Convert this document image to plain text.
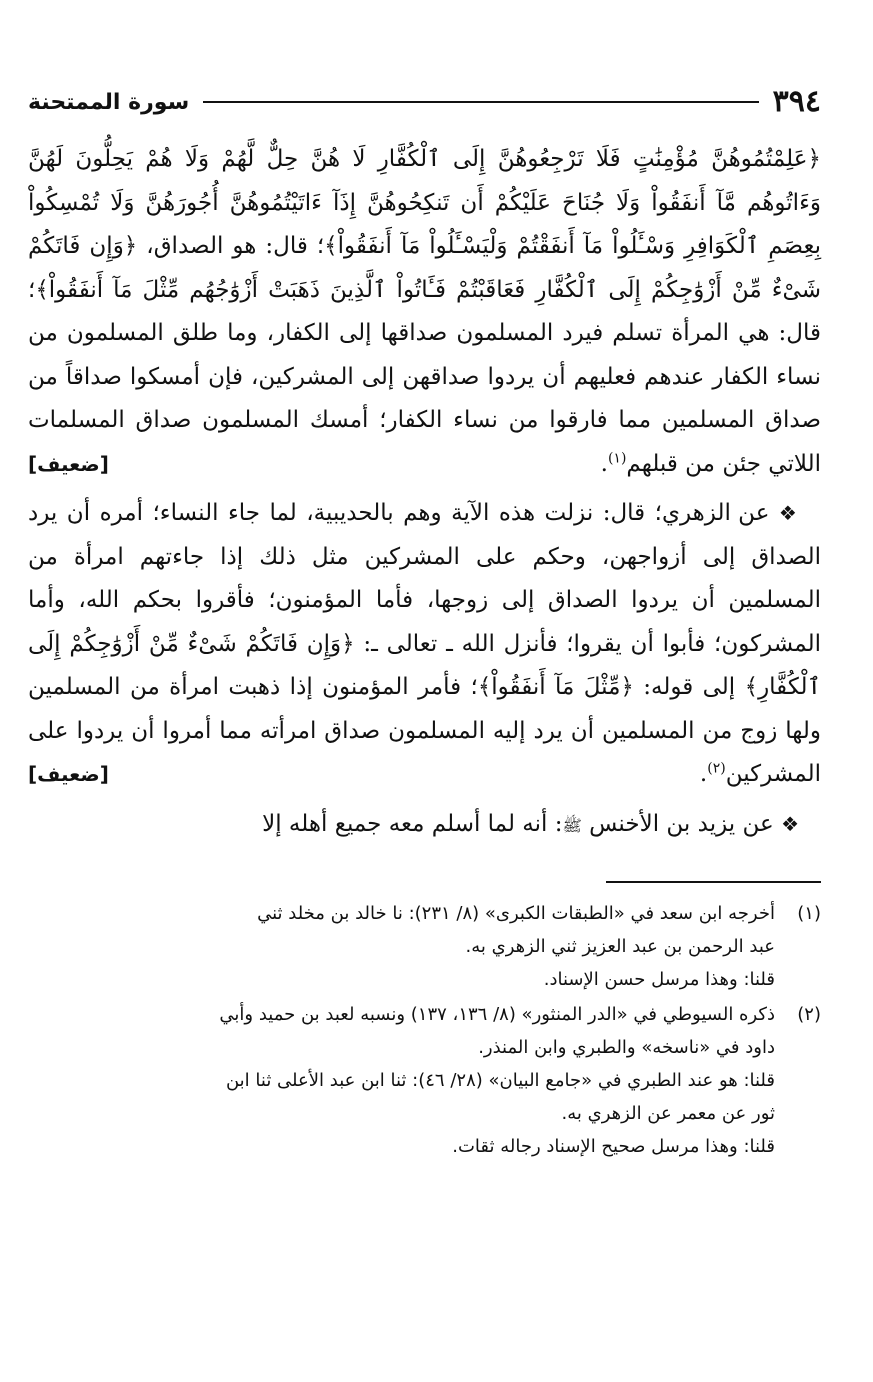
٣٩٤
سورة الممتحنة

﴿عَلِمْتُمُوهُنَّ مُؤْمِنَٰتٍ فَلَا تَرْجِعُوهُنَّ إِلَى ٱلْكُفَّارِ لَا هُنَّ حِلٌّ لَّهُمْ وَلَا هُمْ يَحِلُّونَ لَهُنَّ وَءَاتُوهُم مَّآ أَنفَقُواْ وَلَا جُنَاحَ عَلَيْكُمْ أَن تَنكِحُوهُنَّ إِذَآ ءَاتَيْتُمُوهُنَّ أُجُورَهُنَّ وَلَا تُمْسِكُواْ بِعِصَمِ ٱلْكَوَافِرِ وَسْـَٔلُواْ مَآ أَنفَقْتُمْ وَلْيَسْـَٔلُواْ مَآ أَنفَقُواْ﴾؛ قال: هو الصداق، ﴿وَإِن فَاتَكُمْ شَىْءٌ مِّنْ أَزْوَٰجِكُمْ إِلَى ٱلْكُفَّارِ فَعَاقَبْتُمْ فَـَٔاتُواْ ٱلَّذِينَ ذَهَبَتْ أَزْوَٰجُهُم مِّثْلَ مَآ أَنفَقُواْ﴾؛ قال: هي المرأة تسلم فيرد المسلمون صداقها إلى الكفار، وما طلق المسلمون من نساء الكفار عندهم فعليهم أن يردوا صداقهن إلى المشركين، فإن أمسكوا صداقاً من صداق المسلمين مما فارقوا من نساء الكفار؛ أمسك المسلمون صداق المسلمات اللاتي جئن من قبلهم$^{(١)}$.
[ضعيف]

❖ عن الزهري؛ قال: نزلت هذه الآية وهم بالحديبية، لما جاء النساء؛ أمره أن يرد الصداق إلى أزواجهن، وحكم على المشركين مثل ذلك إذا جاءتهم امرأة من المسلمين أن يردوا الصداق إلى زوجها، فأما المؤمنون؛ فأقروا بحكم الله، وأما المشركون؛ فأبوا أن يقروا؛ فأنزل الله ـ تعالى ـ: ﴿وَإِن فَاتَكُمْ شَىْءٌ مِّنْ أَزْوَٰجِكُمْ إِلَى ٱلْكُفَّارِ﴾ إلى قوله: ﴿مِّثْلَ مَآ أَنفَقُواْ﴾؛ فأمر المؤمنون إذا ذهبت امرأة من المسلمين ولها زوج من المسلمين أن يرد إليه المسلمون صداق امرأته مما أمروا أن يردوا على المشركين$^{(٢)}$.
[ضعيف]

❖ عن يزيد بن الأخنس ﷺ: أنه لما أسلم معه جميع أهله إلا

(١)

أخرجه ابن سعد في «الطبقات الكبرى» (٨/ ٢٣١): نا خالد بن مخلد ثني

عبد الرحمن بن عبد العزيز ثني الزهري به.

قلنا: وهذا مرسل حسن الإسناد.

(٢)

ذكره السيوطي في «الدر المنثور» (٨/ ١٣٦، ١٣٧) ونسبه لعبد بن حميد وأبي

داود في «ناسخه» والطبري وابن المنذر.

قلنا: هو عند الطبري في «جامع البيان» (٢٨/ ٤٦): ثنا ابن عبد الأعلى ثنا ابن

ثور عن معمر عن الزهري به.

قلنا: وهذا مرسل صحيح الإسناد رجاله ثقات.
